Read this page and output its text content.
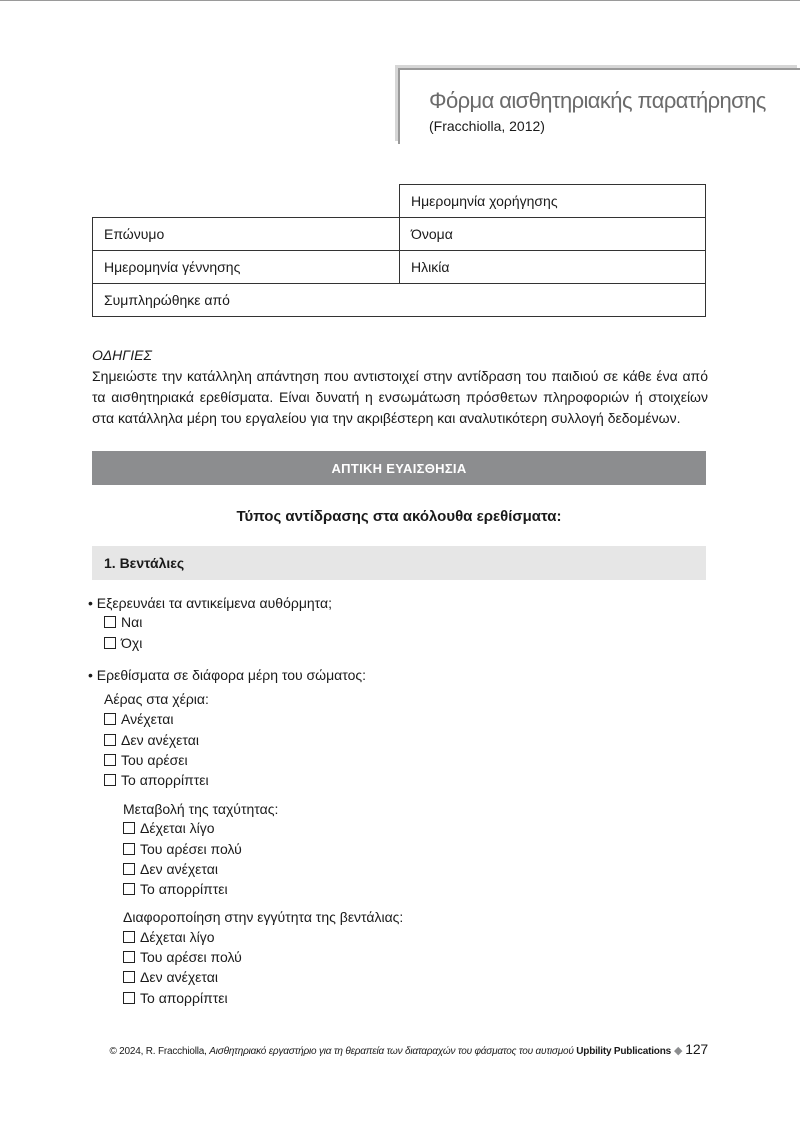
Φόρμα αισθητηριακής παρατήρησης
(Fracchiolla, 2012)
	Ημερομηνία χορήγησης
Επώνυμο	Όνομα
Ημερομηνία γέννησης	Ηλικία
Συμπληρώθηκε από	
ΟΔΗΓΙΕΣ
Σημειώστε την κατάλληλη απάντηση που αντιστοιχεί στην αντίδραση του παιδιού σε κάθε ένα από τα αισθητηριακά ερεθίσματα. Είναι δυνατή η ενσωμάτωση πρόσθετων πληροφοριών ή στοιχείων στα κατάλληλα μέρη του εργαλείου για την ακριβέστερη και αναλυτικότερη συλλογή δεδομένων.
ΑΠΤΙΚΗ ΕΥΑΙΣΘΗΣΙΑ
Τύπος αντίδρασης στα ακόλουθα ερεθίσματα:
1. Βεντάλιες
• Εξερευνάει τα αντικείμενα αυθόρμητα;
Ναι
Όχι
• Ερεθίσματα σε διάφορα μέρη του σώματος:
Αέρας στα χέρια:
Ανέχεται
Δεν ανέχεται
Του αρέσει
Το απορρίπτει
Μεταβολή της ταχύτητας:
Δέχεται λίγο
Του αρέσει πολύ
Δεν ανέχεται
Το απορρίπτει
Διαφοροποίηση στην εγγύτητα της βεντάλιας:
Δέχεται λίγο
Του αρέσει πολύ
Δεν ανέχεται
Το απορρίπτει
© 2024, R. Fracchiolla, Αισθητηριακό εργαστήριο για τη θεραπεία των διαταραχών του φάσματος του αυτισμού Upbility Publications ◆ 127
